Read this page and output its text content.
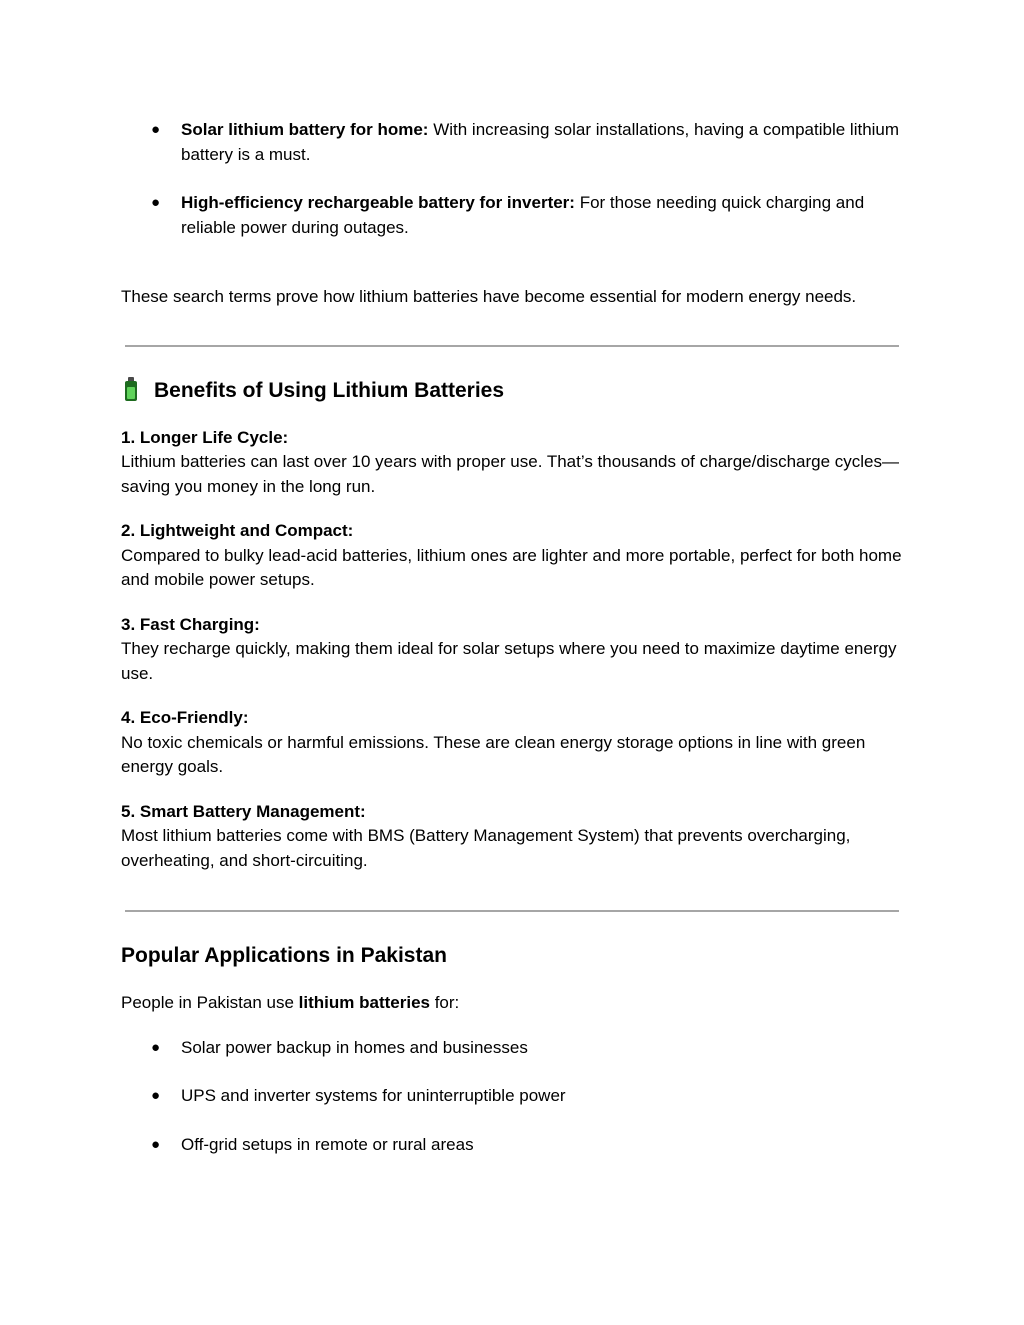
● Solar lithium battery for home: With increasing solar installations, having a compatible lithium battery is a must.
● High-efficiency rechargeable battery for inverter: For those needing quick charging and reliable power during outages.

These search terms prove how lithium batteries have become essential for modern energy needs.

Benefits of Using Lithium Batteries

1. Longer Life Cycle:

Lithium batteries can last over 10 years with proper use. That’s thousands of charge/discharge cycles—saving you money in the long run.

2. Lightweight and Compact:

Compared to bulky lead-acid batteries, lithium ones are lighter and more portable, perfect for both home and mobile power setups.

3. Fast Charging:

They recharge quickly, making them ideal for solar setups where you need to maximize daytime energy use.

4. Eco-Friendly:

No toxic chemicals or harmful emissions. These are clean energy storage options in line with green energy goals.

5. Smart Battery Management:

Most lithium batteries come with BMS (Battery Management System) that prevents overcharging, overheating, and short-circuiting.

Popular Applications in Pakistan

People in Pakistan use lithium batteries for:

● Solar power backup in homes and businesses
● UPS and inverter systems for uninterruptible power
● Off-grid setups in remote or rural areas
